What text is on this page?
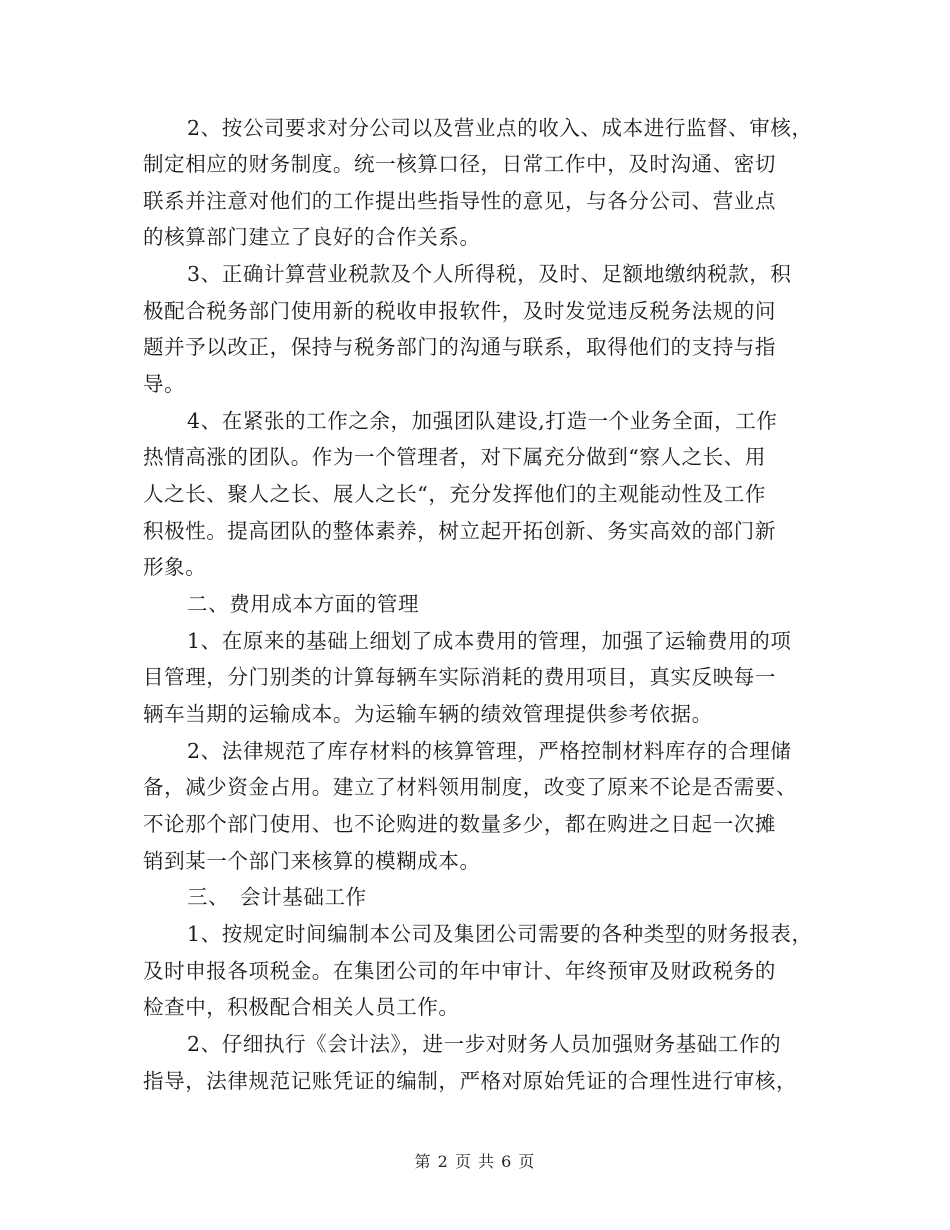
2、按公司要求对分公司以及营业点的收入、成本进行监督、审核，
制定相应的财务制度。统一核算口径，日常工作中，及时沟通、密切
联系并注意对他们的工作提出些指导性的意见，与各分公司、营业点
的核算部门建立了良好的合作关系。
3、正确计算营业税款及个人所得税，及时、足额地缴纳税款，积
极配合税务部门使用新的税收申报软件，及时发觉违反税务法规的问
题并予以改正，保持与税务部门的沟通与联系，取得他们的支持与指
导。
4、在紧张的工作之余，加强团队建设,打造一个业务全面，工作
热情高涨的团队。作为一个管理者，对下属充分做到“察人之长、用
人之长、聚人之长、展人之长“，充分发挥他们的主观能动性及工作
积极性。提高团队的整体素养，树立起开拓创新、务实高效的部门新
形象。
二、费用成本方面的管理
1、在原来的基础上细划了成本费用的管理，加强了运输费用的项
目管理，分门别类的计算每辆车实际消耗的费用项目，真实反映每一
辆车当期的运输成本。为运输车辆的绩效管理提供参考依据。
2、法律规范了库存材料的核算管理，严格控制材料库存的合理储
备，减少资金占用。建立了材料领用制度，改变了原来不论是否需要、
不论那个部门使用、也不论购进的数量多少，都在购进之日起一次摊
销到某一个部门来核算的模糊成本。
三、　会计基础工作
1、按规定时间编制本公司及集团公司需要的各种类型的财务报表，
及时申报各项税金。在集团公司的年中审计、年终预审及财政税务的
检查中，积极配合相关人员工作。
2、仔细执行《会计法》，进一步对财务人员加强财务基础工作的
指导，法律规范记账凭证的编制，严格对原始凭证的合理性进行审核，
第 2 页 共 6 页
